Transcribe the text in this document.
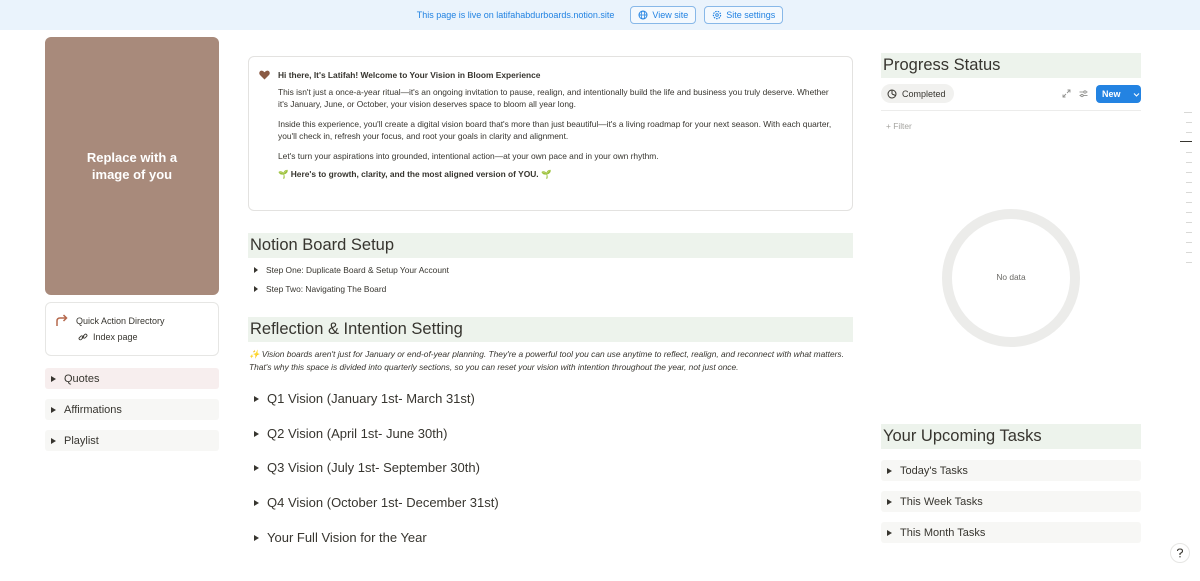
This page is live on latifahabdurboards.notion.site	View site	Site settings
Replace with a image of you
Quick Action Directory
Index page
Quotes
Affirmations
Playlist
Hi there, It's Latifah! Welcome to Your Vision in Bloom Experience

This isn't just a once-a-year ritual—it's an ongoing invitation to pause, realign, and intentionally build the life and business you truly deserve. Whether it's January, June, or October, your vision deserves space to bloom all year long.

Inside this experience, you'll create a digital vision board that's more than just beautiful—it's a living roadmap for your next season. With each quarter, you'll check in, refresh your focus, and root your goals in clarity and alignment.

Let's turn your aspirations into grounded, intentional action—at your own pace and in your own rhythm.

🌱 Here's to growth, clarity, and the most aligned version of YOU. 🌱

Notion Board Setup
Step One: Duplicate Board & Setup Your Account
Step Two: Navigating The Board
Reflection & Intention Setting

✨ Vision boards aren't just for January or end-of-year planning. They're a powerful tool you can use anytime to reflect, realign, and reconnect with what matters. That's why this space is divided into quarterly sections, so you can reset your vision with intention throughout the year, not just once.

Q1 Vision (January 1st- March 31st)
Q2 Vision (April 1st- June 30th)
Q3 Vision (July 1st- September 30th)
Q4 Vision (October 1st- December 31st)
Your Full Vision for the Year
Progress Status
Completed	New
+ Filter
No data
Your Upcoming Tasks
Today's Tasks
This Week Tasks
This Month Tasks
